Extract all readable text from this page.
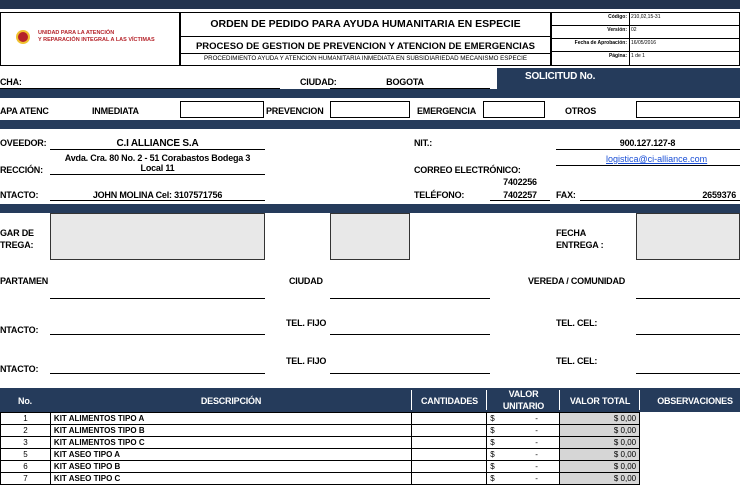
UNIDAD PARA LA ATENCIÓN
Y REPARACIÓN INTEGRAL A LAS VÍCTIMAS
ORDEN DE PEDIDO PARA AYUDA HUMANITARIA EN ESPECIE
PROCESO DE GESTION DE PREVENCION Y ATENCION DE EMERGENCIAS
PROCEDIMIENTO AYUDA Y ATENCIÓN HUMANITARIA INMEDIATA EN SUBSIDIARIEDAD MECANISMO ESPECIE
Código: 210,02,15-31
Versión: 02
Fecha de Aprobación: 16/05/2016
Página: 1 de 1
CHA:	CIUDAD:	BOGOTA	SOLICITUD No.
APA ATENC	INMEDIATA	PREVENCION	EMERGENCIA	OTROS
OVEEDOR:	C.I ALLIANCE S.A	NIT.:	900.127.127-8
RECCIÓN:
Avda. Cra. 80 No. 2 - 51 Corabastos Bodega 3
Local 11	CORREO ELECTRÓNICO:
logistica@ci-alliance.com
NTACTO:	JOHN MOLINA Cel: 3107571756	TELÉFONO:
7402256
7402257	FAX:	2659376
GAR DE
TREGA:
FECHA
ENTREGA :
PARTAMEN	CIUDAD	VEREDA / COMUNIDAD
NTACTO:
TEL. FIJO	TEL. CEL:
NTACTO:
TEL. FIJO	TEL. CEL:
No.	DESCRIPCIÓN	CANTIDADES
VALOR
UNITARIO	VALOR TOTAL	OBSERVACIONES
1	KIT ALIMENTOS TIPO A		$ -	$ 0,00	
2	KIT ALIMENTOS TIPO B		$ -	$ 0,00	
3	KIT ALIMENTOS TIPO C		$ -	$ 0,00	
5	KIT ASEO TIPO A		$ -	$ 0,00	
6	KIT ASEO TIPO B		$ -	$ 0,00	
7	KIT ASEO TIPO C		$ -	$ 0,00	
